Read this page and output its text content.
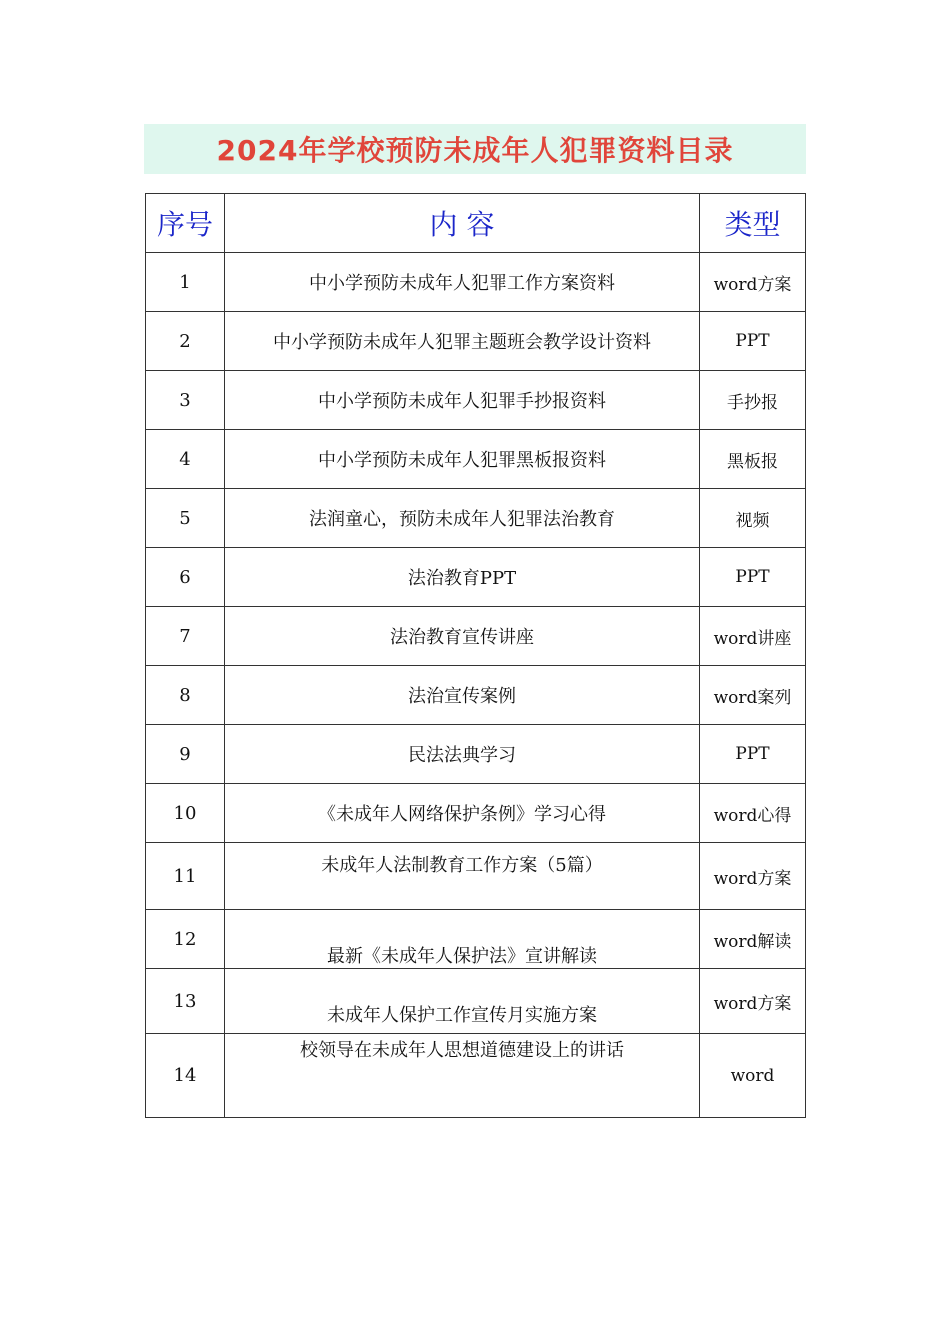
2024年学校预防未成年人犯罪资料目录
序号	内 容	类型
1	中小学预防未成年人犯罪工作方案资料	word方案
2	中小学预防未成年人犯罪主题班会教学设计资料	PPT
3	中小学预防未成年人犯罪手抄报资料	手抄报
4	中小学预防未成年人犯罪黑板报资料	黑板报
5	法润童心，预防未成年人犯罪法治教育	视频
6	法治教育PPT	PPT
7	法治教育宣传讲座	word讲座
8	法治宣传案例	word案列
9	民法法典学习	PPT
10	《未成年人网络保护条例》学习心得	word心得
11	未成年人法制教育工作方案（5篇）	word方案
12	最新《未成年人保护法》宣讲解读	word解读
13	未成年人保护工作宣传月实施方案	word方案
14	校领导在未成年人思想道德建设上的讲话	word
